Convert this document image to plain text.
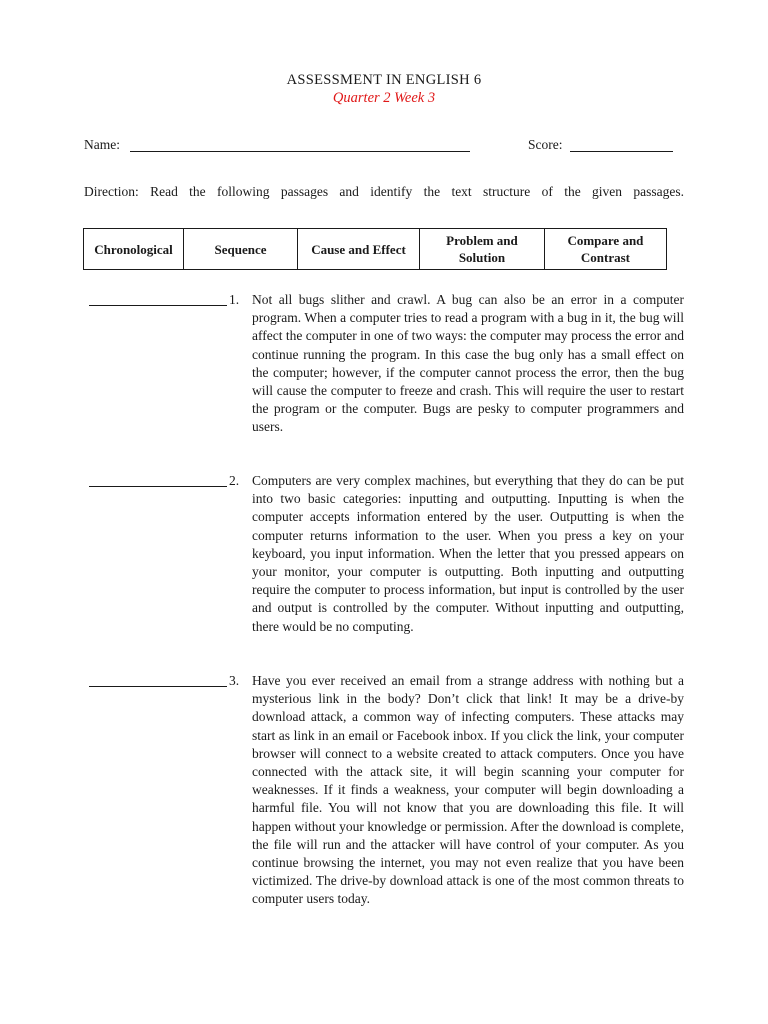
ASSESSMENT IN ENGLISH 6
Quarter 2 Week 3
Name:	Score:
Direction: Read the following passages and identify the text structure of the given passages.
Chronological	Sequence	Cause and Effect	Problem and Solution	Compare and Contrast
1. Not all bugs slither and crawl. A bug can also be an error in a computer program. When a computer tries to read a program with a bug in it, the bug will affect the computer in one of two ways: the computer may process the error and continue running the program. In this case the bug only has a small effect on the computer; however, if the computer cannot process the error, then the bug will cause the computer to freeze and crash. This will require the user to restart the program or the computer. Bugs are pesky to computer programmers and users.
2. Computers are very complex machines, but everything that they do can be put into two basic categories: inputting and outputting. Inputting is when the computer accepts information entered by the user. Outputting is when the computer returns information to the user. When you press a key on your keyboard, you input information. When the letter that you pressed appears on your monitor, your computer is outputting. Both inputting and outputting require the computer to process information, but input is controlled by the user and output is controlled by the computer. Without inputting and outputting, there would be no computing.
3. Have you ever received an email from a strange address with nothing but a mysterious link in the body? Don’t click that link! It may be a drive-by download attack, a common way of infecting computers. These attacks may start as link in an email or Facebook inbox. If you click the link, your computer browser will connect to a website created to attack computers. Once you have connected with the attack site, it will begin scanning your computer for weaknesses. If it finds a weakness, your computer will begin downloading a harmful file. You will not know that you are downloading this file. It will happen without your knowledge or permission. After the download is complete, the file will run and the attacker will have control of your computer. As you continue browsing the internet, you may not even realize that you have been victimized. The drive-by download attack is one of the most common threats to computer users today.
